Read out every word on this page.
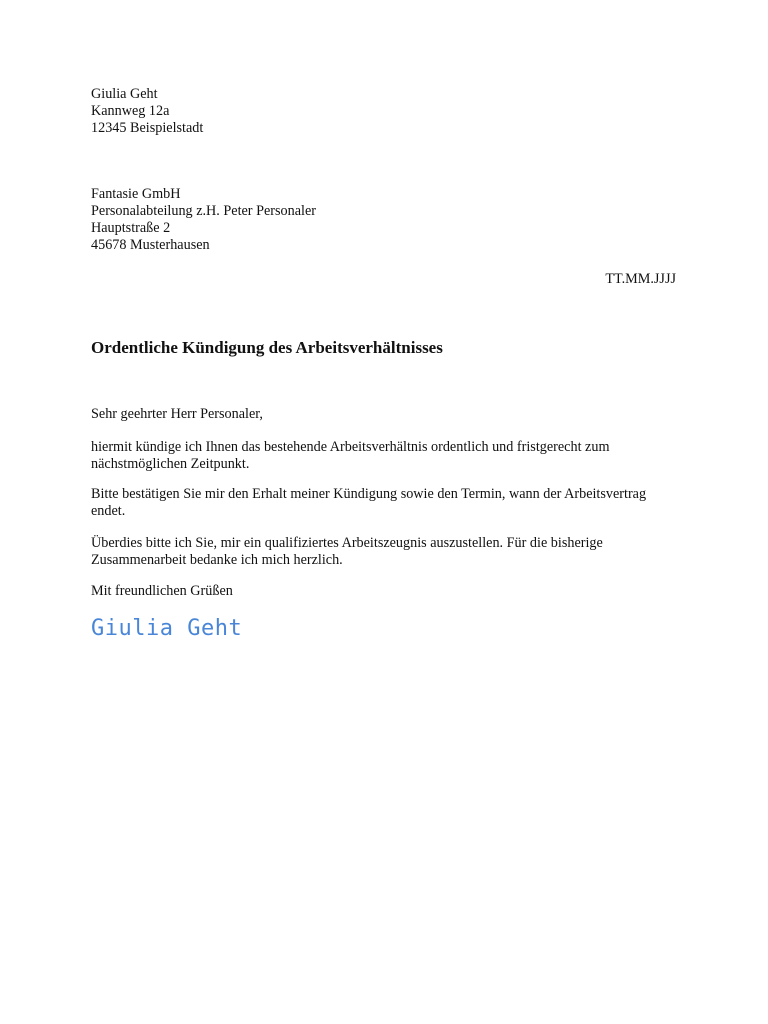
Giulia Geht
Kannweg 12a
12345 Beispielstadt
Fantasie GmbH
Personalabteilung z.H. Peter Personaler
Hauptstraße 2
45678 Musterhausen
TT.MM.JJJJ
Ordentliche Kündigung des Arbeitsverhältnisses
Sehr geehrter Herr Personaler,
hiermit kündige ich Ihnen das bestehende Arbeitsverhältnis ordentlich und fristgerecht zum nächstmöglichen Zeitpunkt.
Bitte bestätigen Sie mir den Erhalt meiner Kündigung sowie den Termin, wann der Arbeitsvertrag endet.
Überdies bitte ich Sie, mir ein qualifiziertes Arbeitszeugnis auszustellen. Für die bisherige Zusammenarbeit bedanke ich mich herzlich.
Mit freundlichen Grüßen
Giulia Geht
